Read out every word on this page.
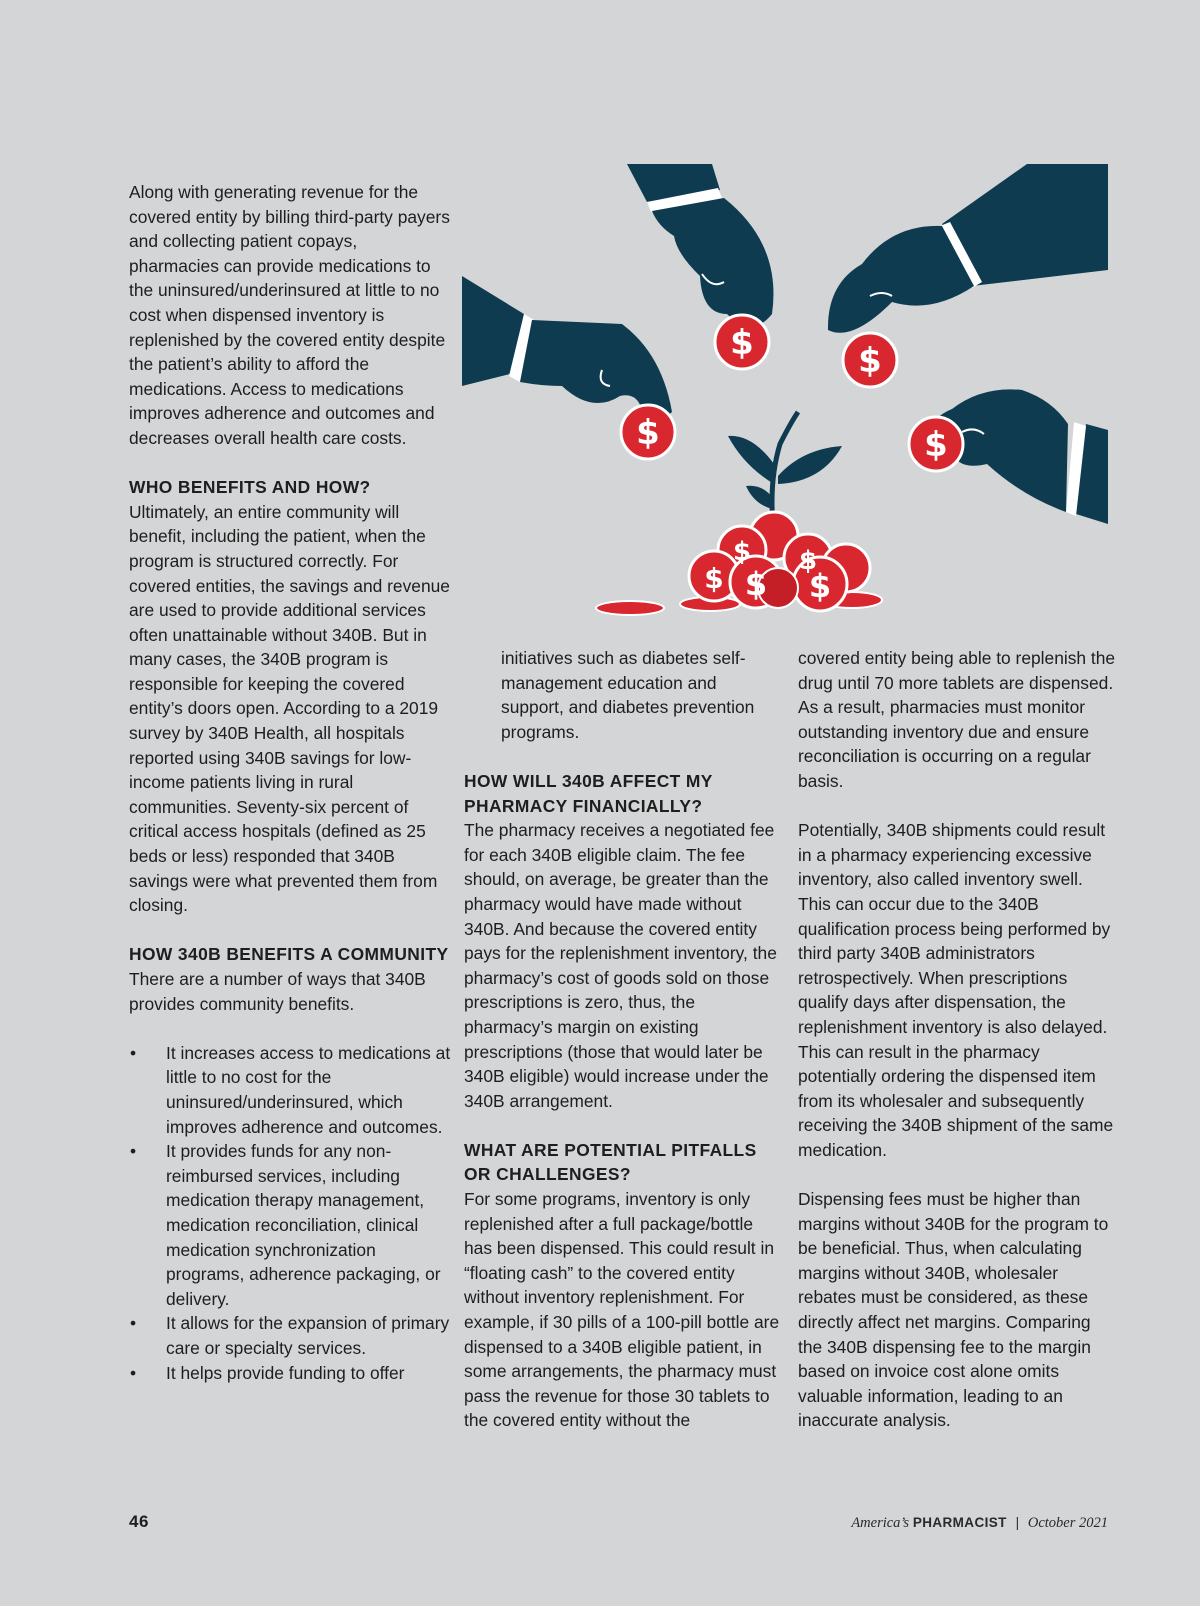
Along with generating revenue for the covered entity by billing third-party payers and collecting patient copays, pharmacies can provide medications to the uninsured/underinsured at little to no cost when dispensed inventory is replenished by the covered entity despite the patient’s ability to afford the medications. Access to medications improves adherence and outcomes and decreases overall health care costs.

WHO BENEFITS AND HOW?

Ultimately, an entire community will benefit, including the patient, when the program is structured correctly. For covered entities, the savings and revenue are used to provide additional services often unattainable without 340B. But in many cases, the 340B program is responsible for keeping the covered entity’s doors open. According to a 2019 survey by 340B Health, all hospitals reported using 340B savings for low-income patients living in rural communities. Seventy-six percent of critical access hospitals (defined as 25 beds or less) responded that 340B savings were what prevented them from closing.

HOW 340B BENEFITS A COMMUNITY

There are a number of ways that 340B provides community benefits.

• It increases access to medications at little to no cost for the uninsured/underinsured, which improves adherence and outcomes.
• It provides funds for any non-reimbursed services, including medication therapy management, medication reconciliation, clinical medication synchronization programs, adherence packaging, or delivery.
• It allows for the expansion of primary care or specialty services.
• It helps provide funding to offer
$	$
$	$
$ $
$
$
$

initiatives such as diabetes self-management education and support, and diabetes prevention programs.

HOW WILL 340B AFFECT MY PHARMACY FINANCIALLY?

The pharmacy receives a negotiated fee for each 340B eligible claim. The fee should, on average, be greater than the pharmacy would have made without 340B. And because the covered entity pays for the replenishment inventory, the pharmacy’s cost of goods sold on those prescriptions is zero, thus, the pharmacy’s margin on existing prescriptions (those that would later be 340B eligible) would increase under the 340B arrangement.

WHAT ARE POTENTIAL PITFALLS OR CHALLENGES?

For some programs, inventory is only replenished after a full package/bottle has been dispensed. This could result in “floating cash” to the covered entity without inventory replenishment. For example, if 30 pills of a 100-pill bottle are dispensed to a 340B eligible patient, in some arrangements, the pharmacy must pass the revenue for those 30 tablets to the covered entity without the

covered entity being able to replenish the drug until 70 more tablets are dispensed. As a result, pharmacies must monitor outstanding inventory due and ensure reconciliation is occurring on a regular basis.

Potentially, 340B shipments could result in a pharmacy experiencing excessive inventory, also called inventory swell. This can occur due to the 340B qualification process being performed by third party 340B administrators retrospectively. When prescriptions qualify days after dispensation, the replenishment inventory is also delayed. This can result in the pharmacy potentially ordering the dispensed item from its wholesaler and subsequently receiving the 340B shipment of the same medication.

Dispensing fees must be higher than margins without 340B for the program to be beneficial. Thus, when calculating margins without 340B, wholesaler rebates must be considered, as these directly affect net margins. Comparing the 340B dispensing fee to the margin based on invoice cost alone omits valuable information, leading to an inaccurate analysis.

46	America’s PHARMACIST | October 2021
